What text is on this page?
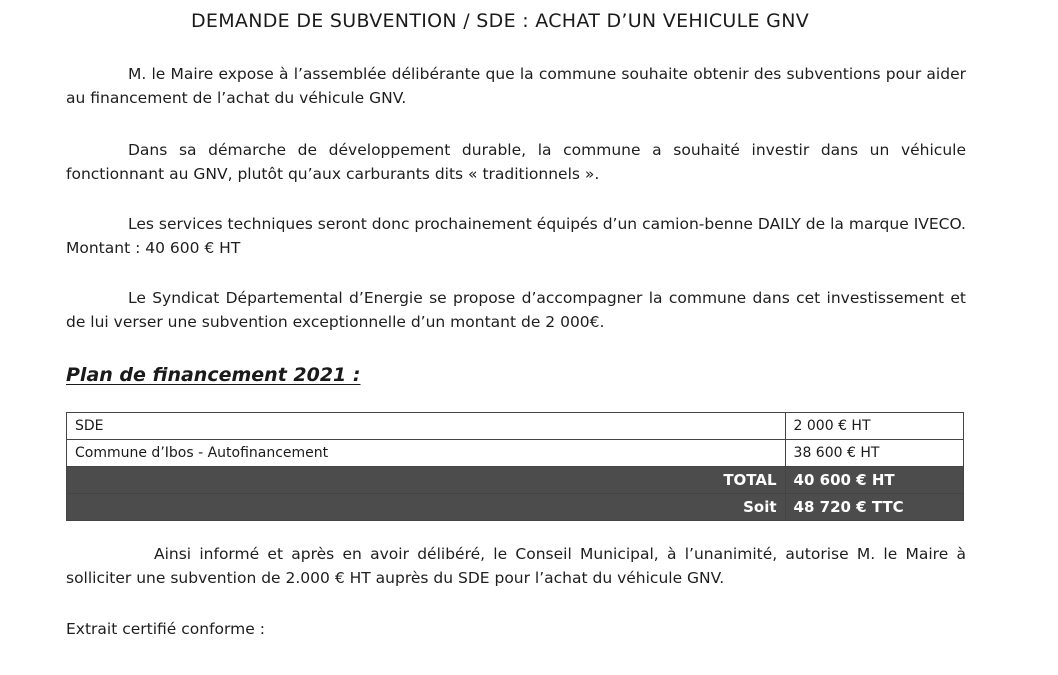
DEMANDE DE SUBVENTION / SDE : ACHAT D’UN VEHICULE GNV
M. le Maire expose à l’assemblée délibérante que la commune souhaite obtenir des subventions pour aider au financement de l’achat du véhicule GNV.
Dans sa démarche de développement durable, la commune a souhaité investir dans un véhicule fonctionnant au GNV, plutôt qu’aux carburants dits « traditionnels ».
Les services techniques seront donc prochainement équipés d’un camion-benne DAILY de la marque IVECO. Montant : 40 600 € HT
Le Syndicat Départemental d’Energie se propose d’accompagner la commune dans cet investissement et de lui verser une subvention exceptionnelle d’un montant de 2 000€.
Plan de financement 2021 :
SDE	2 000 € HT
Commune d’Ibos - Autofinancement	38 600 € HT
TOTAL	40 600 € HT
Soit	48 720 € TTC
Ainsi informé et après en avoir délibéré, le Conseil Municipal, à l’unanimité, autorise M. le Maire à solliciter une subvention de 2.000 € HT auprès du SDE pour l’achat du véhicule GNV.
Extrait certifié conforme :
